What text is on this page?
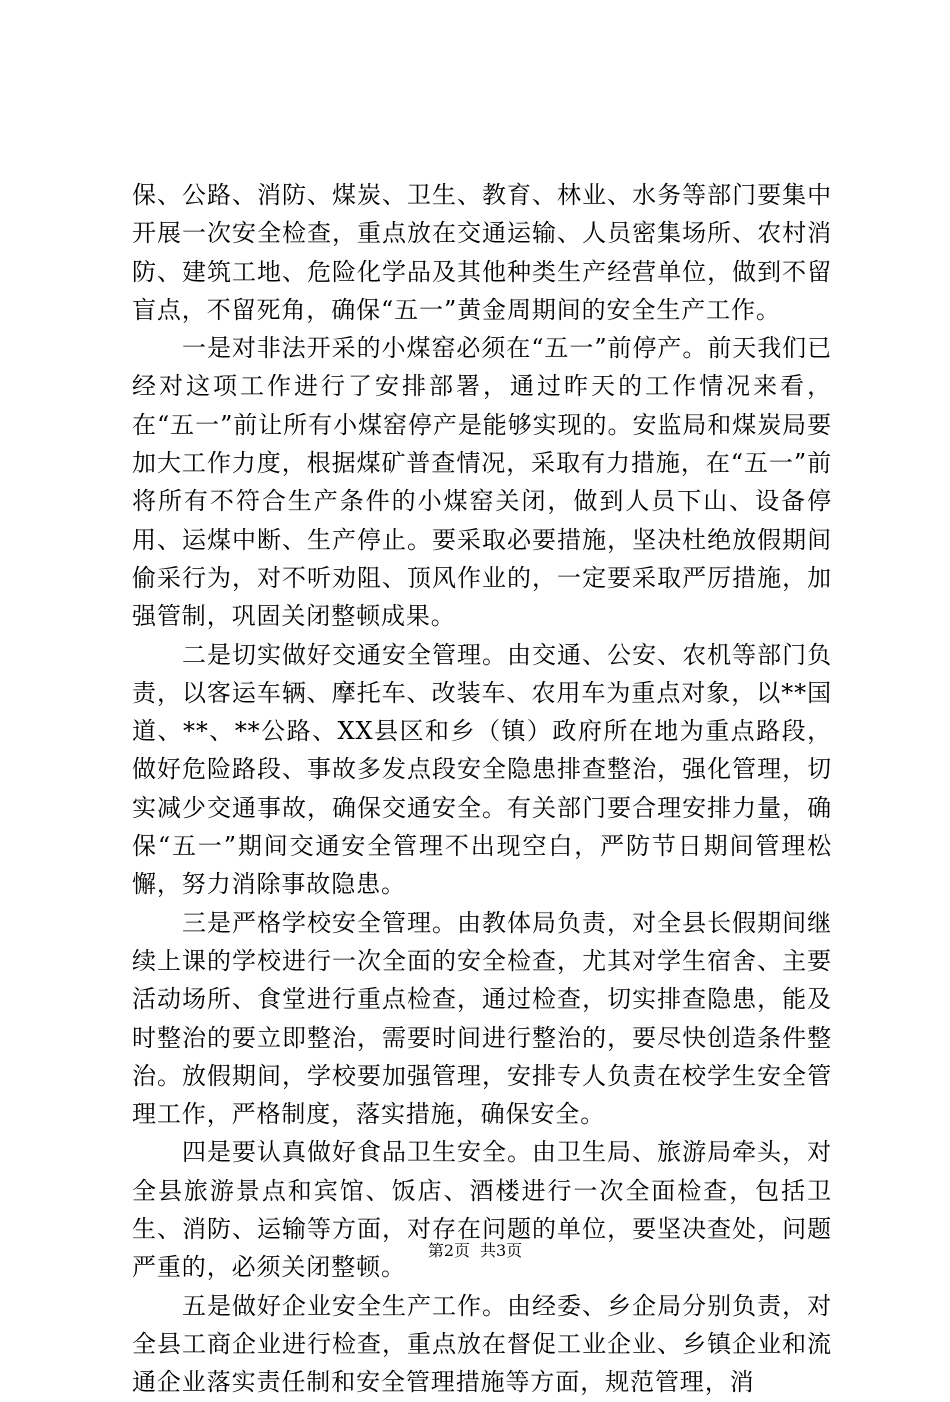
保、公路、消防、煤炭、卫生、教育、林业、水务等部门要集中开展一次安全检查，重点放在交通运输、人员密集场所、农村消防、建筑工地、危险化学品及其他种类生产经营单位，做到不留盲点，不留死角，确保“五一”黄金周期间的安全生产工作。

一是对非法开采的小煤窑必须在“五一”前停产。前天我们已经对这项工作进行了安排部署，通过昨天的工作情况来看，在“五一”前让所有小煤窑停产是能够实现的。安监局和煤炭局要加大工作力度，根据煤矿普查情况，采取有力措施，在“五一”前将所有不符合生产条件的小煤窑关闭，做到人员下山、设备停用、运煤中断、生产停止。要采取必要措施，坚决杜绝放假期间偷采行为，对不听劝阻、顶风作业的，一定要采取严厉措施，加强管制，巩固关闭整顿成果。

二是切实做好交通安全管理。由交通、公安、农机等部门负责，以客运车辆、摩托车、改装车、农用车为重点对象，以**国道、**、**公路、XX县区和乡（镇）政府所在地为重点路段，做好危险路段、事故多发点段安全隐患排查整治，强化管理，切实减少交通事故，确保交通安全。有关部门要合理安排力量，确保“五一”期间交通安全管理不出现空白，严防节日期间管理松懈，努力消除事故隐患。

三是严格学校安全管理。由教体局负责，对全县长假期间继续上课的学校进行一次全面的安全检查，尤其对学生宿舍、主要活动场所、食堂进行重点检查，通过检查，切实排查隐患，能及时整治的要立即整治，需要时间进行整治的，要尽快创造条件整治。放假期间，学校要加强管理，安排专人负责在校学生安全管理工作，严格制度，落实措施，确保安全。

四是要认真做好食品卫生安全。由卫生局、旅游局牵头，对全县旅游景点和宾馆、饭店、酒楼进行一次全面检查，包括卫生、消防、运输等方面，对存在问题的单位，要坚决查处，问题严重的，必须关闭整顿。

五是做好企业安全生产工作。由经委、乡企局分别负责，对全县工商企业进行检查，重点放在督促工业企业、乡镇企业和流通企业落实责任制和安全管理措施等方面，规范管理，消

第2页 共3页
